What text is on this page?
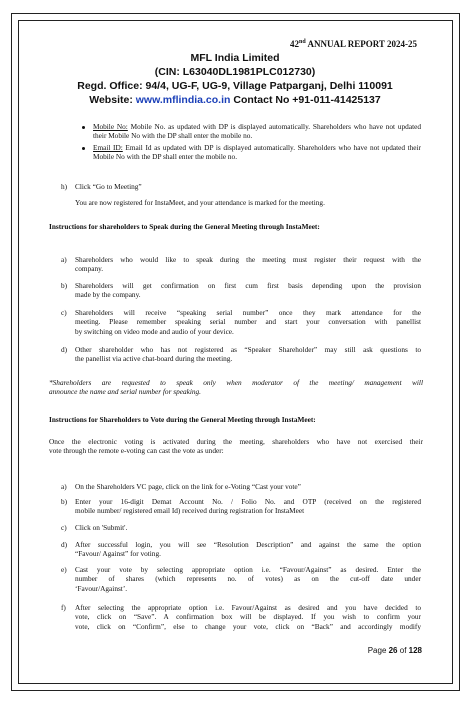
42nd ANNUAL REPORT 2024-25
MFL India Limited
(CIN: L63040DL1981PLC012730)
Regd. Office: 94/4, UG-F, UG-9, Village Patparganj, Delhi 110091
Website: www.mflindia.co.in Contact No +91-011-41425137
Mobile No: Mobile No. as updated with DP is displayed automatically. Shareholders who have not updated their Mobile No with the DP shall enter the mobile no.
Email ID: Email Id as updated with DP is displayed automatically. Shareholders who have not updated their Mobile No with the DP shall enter the mobile no.
h) Click “Go to Meeting”
You are now registered for InstaMeet, and your attendance is marked for the meeting.
Instructions for shareholders to Speak during the General Meeting through InstaMeet:
a) Shareholders who would like to speak during the meeting must register their request with the
company.
b) Shareholders will get confirmation on first cum first basis depending upon the provision
made by the company.
c) Shareholders will receive “speaking serial number” once they mark attendance for the
meeting. Please remember speaking serial number and start your conversation with panellist
by switching on video mode and audio of your device.
d) Other shareholder who has not registered as “Speaker Shareholder” may still ask questions to
the panellist via active chat-board during the meeting.
*Shareholders are requested to speak only when moderator of the meeting/ management will
announce the name and serial number for speaking.
Instructions for Shareholders to Vote during the General Meeting through InstaMeet:
Once the electronic voting is activated during the meeting, shareholders who have not exercised their
vote through the remote e-voting can cast the vote as under:
a) On the Shareholders VC page, click on the link for e-Voting “Cast your vote”
b) Enter your 16-digit Demat Account No. / Folio No. and OTP (received on the registered
mobile number/ registered email Id) received during registration for InstaMeet
c) Click on 'Submit'.
d) After successful login, you will see “Resolution Description” and against the same the option
“Favour/ Against” for voting.
e) Cast your vote by selecting appropriate option i.e. “Favour/Against” as desired. Enter the
number of shares (which represents no. of votes) as on the cut-off date under
‘Favour/Against’.
f) After selecting the appropriate option i.e. Favour/Against as desired and you have decided to
vote, click on “Save”. A confirmation box will be displayed. If you wish to confirm your
vote, click on “Confirm”, else to change your vote, click on “Back” and accordingly modify
Page 26 of 128
